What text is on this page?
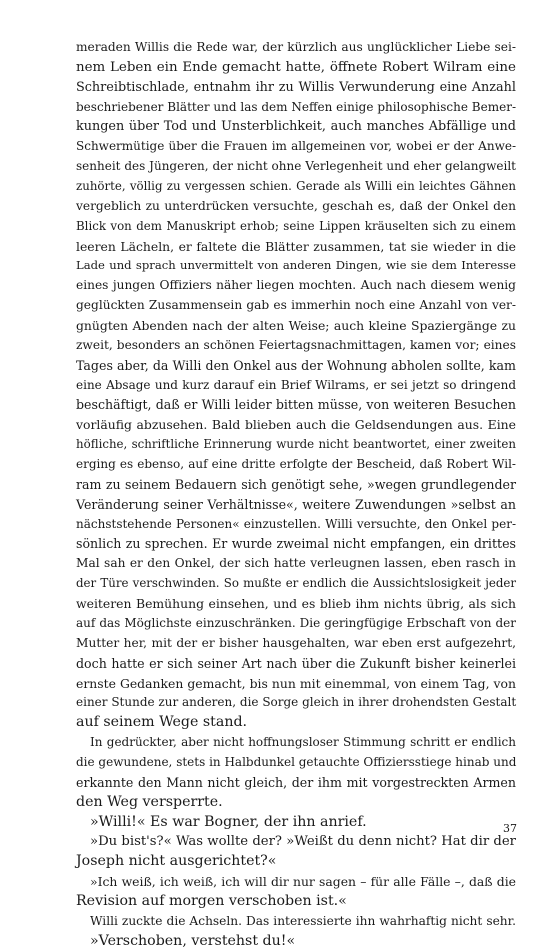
meraden Willis die Rede war, der kürzlich aus unglücklicher Liebe sei-
nem Leben ein Ende gemacht hatte, öffnete Robert Wilram eine
Schreibtischlade, entnahm ihr zu Willis Verwunderung eine Anzahl
beschriebener Blätter und las dem Neffen einige philosophische Bemer-
kungen über Tod und Unsterblichkeit, auch manches Abfällige und
Schwermütige über die Frauen im allgemeinen vor, wobei er der Anwe-
senheit des Jüngeren, der nicht ohne Verlegenheit und eher gelangweilt
zuhörte, völlig zu vergessen schien. Gerade als Willi ein leichtes Gähnen
vergeblich zu unterdrücken versuchte, geschah es, daß der Onkel den
Blick von dem Manuskript erhob; seine Lippen kräuselten sich zu einem
leeren Lächeln, er faltete die Blätter zusammen, tat sie wieder in die
Lade und sprach unvermittelt von anderen Dingen, wie sie dem Interesse
eines jungen Offiziers näher liegen mochten. Auch nach diesem wenig
geglückten Zusammensein gab es immerhin noch eine Anzahl von ver-
gnügten Abenden nach der alten Weise; auch kleine Spaziergänge zu
zweit, besonders an schönen Feiertagsnachmittagen, kamen vor; eines
Tages aber, da Willi den Onkel aus der Wohnung abholen sollte, kam
eine Absage und kurz darauf ein Brief Wilrams, er sei jetzt so dringend
beschäftigt, daß er Willi leider bitten müsse, von weiteren Besuchen
vorläufig abzusehen. Bald blieben auch die Geldsendungen aus. Eine
höfliche, schriftliche Erinnerung wurde nicht beantwortet, einer zweiten
erging es ebenso, auf eine dritte erfolgte der Bescheid, daß Robert Wil-
ram zu seinem Bedauern sich genötigt sehe, »wegen grundlegender
Veränderung seiner Verhältnisse«, weitere Zuwendungen »selbst an
nächststehende Personen« einzustellen. Willi versuchte, den Onkel per-
sönlich zu sprechen. Er wurde zweimal nicht empfangen, ein drittes
Mal sah er den Onkel, der sich hatte verleugnen lassen, eben rasch in
der Türe verschwinden. So mußte er endlich die Aussichtslosigkeit jeder
weiteren Bemühung einsehen, und es blieb ihm nichts übrig, als sich
auf das Möglichste einzuschränken. Die geringfügige Erbschaft von der
Mutter her, mit der er bisher hausgehalten, war eben erst aufgezehrt,
doch hatte er sich seiner Art nach über die Zukunft bisher keinerlei
ernste Gedanken gemacht, bis nun mit einemmal, von einem Tag, von
einer Stunde zur anderen, die Sorge gleich in ihrer drohendsten Gestalt
auf seinem Wege stand.
In gedrückter, aber nicht hoffnungsloser Stimmung schritt er endlich
die gewundene, stets in Halbdunkel getauchte Offiziersstiege hinab und
erkannte den Mann nicht gleich, der ihm mit vorgestreckten Armen
den Weg versperrte.
»Willi!« Es war Bogner, der ihn anrief.
»Du bist's?« Was wollte der? »Weißt du denn nicht? Hat dir der
Joseph nicht ausgerichtet?«
»Ich weiß, ich weiß, ich will dir nur sagen – für alle Fälle –, daß die
Revision auf morgen verschoben ist.«
Willi zuckte die Achseln. Das interessierte ihn wahrhaftig nicht sehr.
»Verschoben, verstehst du!«
37
